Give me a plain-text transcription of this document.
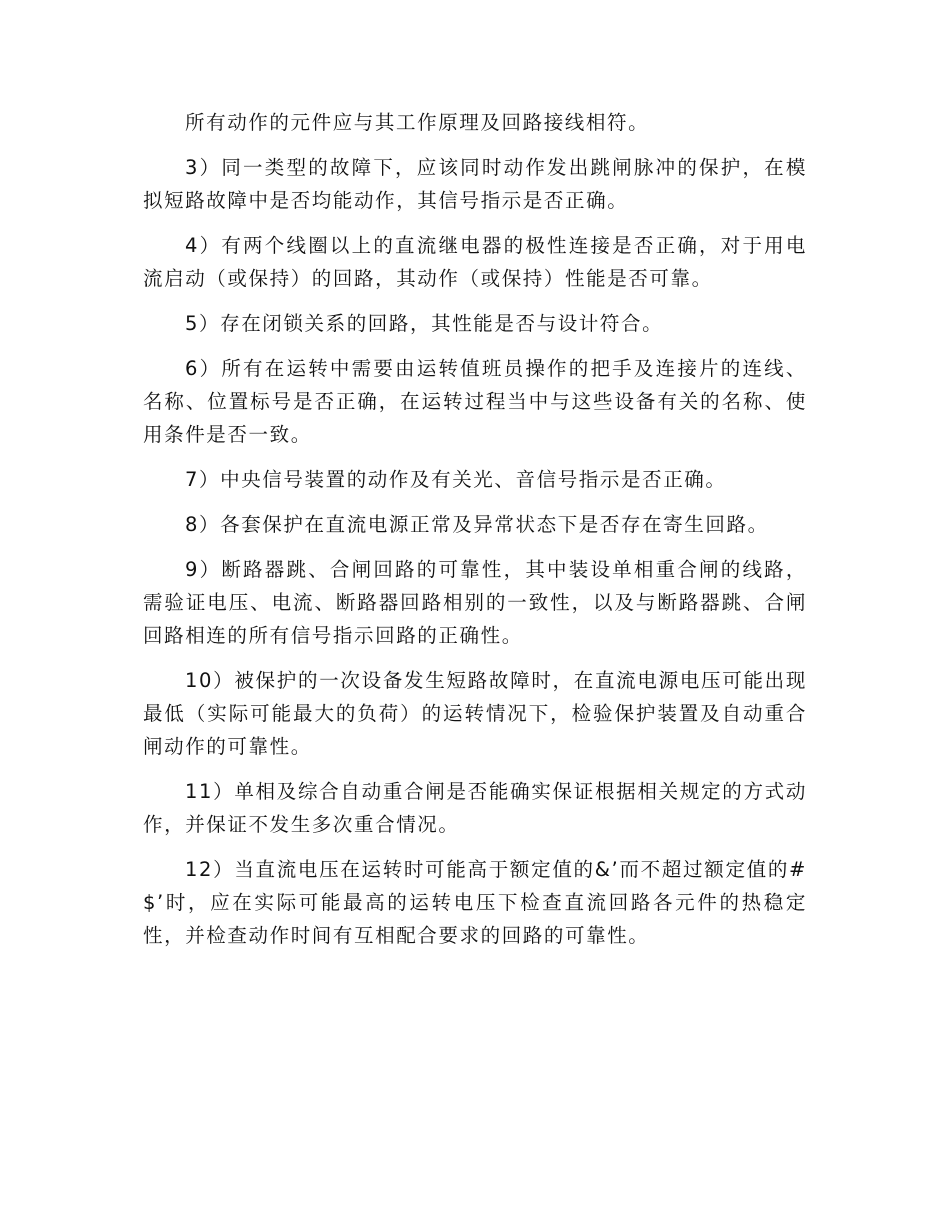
所有动作的元件应与其工作原理及回路接线相符。

3）同一类型的故障下，应该同时动作发出跳闸脉冲的保护，在模拟短路故障中是否均能动作，其信号指示是否正确。

4）有两个线圈以上的直流继电器的极性连接是否正确，对于用电流启动（或保持）的回路，其动作（或保持）性能是否可靠。

5）存在闭锁关系的回路，其性能是否与设计符合。

6）所有在运转中需要由运转值班员操作的把手及连接片的连线、名称、位置标号是否正确，在运转过程当中与这些设备有关的名称、使用条件是否一致。

7）中央信号装置的动作及有关光、音信号指示是否正确。

8）各套保护在直流电源正常及异常状态下是否存在寄生回路。

9）断路器跳、合闸回路的可靠性，其中装设单相重合闸的线路，需验证电压、电流、断路器回路相别的一致性，以及与断路器跳、合闸回路相连的所有信号指示回路的正确性。

10）被保护的一次设备发生短路故障时，在直流电源电压可能出现最低（实际可能最大的负荷）的运转情况下，检验保护装置及自动重合闸动作的可靠性。

11）单相及综合自动重合闸是否能确实保证根据相关规定的方式动作，并保证不发生多次重合情况。

12）当直流电压在运转时可能高于额定值的&’而不超过额定值的#$’时，应在实际可能最高的运转电压下检查直流回路各元件的热稳定性，并检查动作时间有互相配合要求的回路的可靠性。
